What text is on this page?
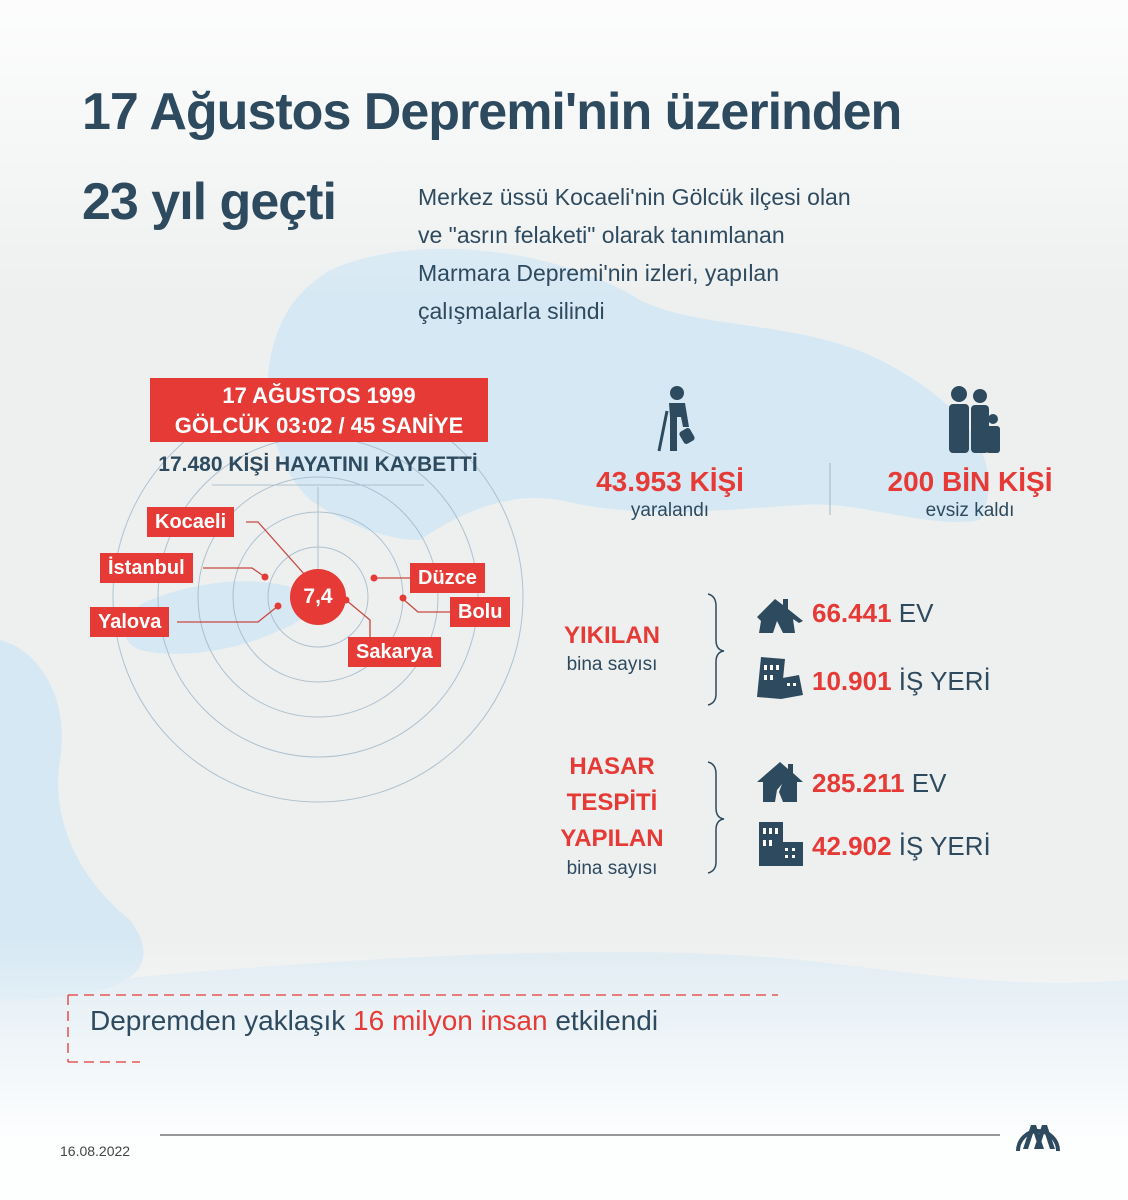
17 Ağustos Depremi'nin üzerinden
23 yıl geçti	Merkez üssü Kocaeli'nin Gölcük ilçesi olan
ve "asrın felaketi" olarak tanımlanan
Marmara Depremi'nin izleri, yapılan
çalışmalarla silindi
17 AĞUSTOS 1999
GÖLCÜK 03:02 / 45 SANİYE
17.480 KİŞİ HAYATINI KAYBETTİ
Kocaeli
İstanbul
Yalova
Düzce
Bolu
Sakarya
7,4
43.953 KİŞİ
yaralandı
200 BİN KİŞİ
evsiz kaldı
YIKILAN
bina sayısı
66.441 EV
10.901 İŞ YERİ
HASAR
TESPİTİ
YAPILAN
bina sayısı
285.211 EV
42.902 İŞ YERİ
Depremden yaklaşık 16 milyon insan etkilendi
16.08.2022
